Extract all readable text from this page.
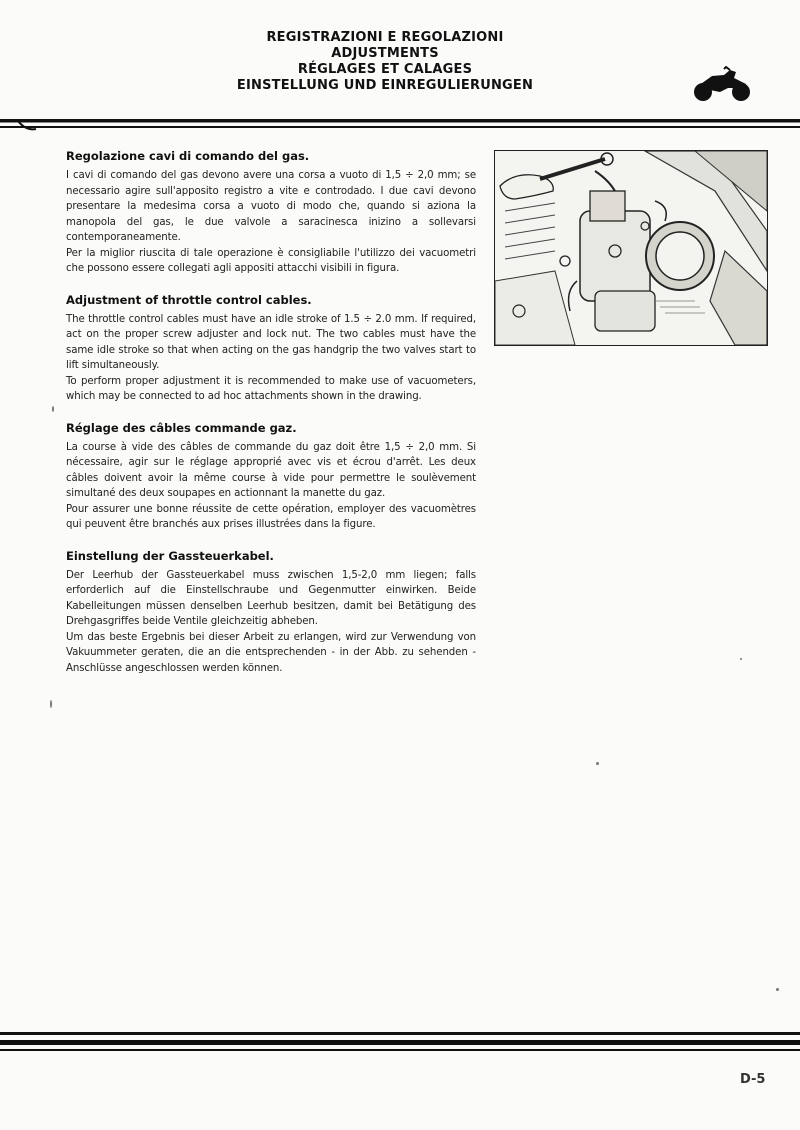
REGISTRAZIONI E REGOLAZIONI
ADJUSTMENTS
RÉGLAGES ET CALAGES
EINSTELLUNG UND EINREGULIERUNGEN
Regolazione cavi di comando del gas.

I cavi di comando del gas devono avere una corsa a vuoto di 1,5 ÷ 2,0 mm; se necessario agire sull'apposito registro a vite e controdado. I due cavi devono presentare la medesima corsa a vuoto di modo che, quando si aziona la manopola del gas, le due valvole a saracinesca inizino a sollevarsi contemporaneamente.

Per la miglior riuscita di tale operazione è consigliabile l'utilizzo dei vacuometri che possono essere collegati agli appositi attacchi visibili in figura.

Adjustment of throttle control cables.

The throttle control cables must have an idle stroke of 1.5 ÷ 2.0 mm. If required, act on the proper screw adjuster and lock nut. The two cables must have the same idle stroke so that when acting on the gas handgrip the two valves start to lift simultaneously.

To perform proper adjustment it is recommended to make use of vacuometers, which may be connected to ad hoc attachments shown in the drawing.

Réglage des câbles commande gaz.

La course à vide des câbles de commande du gaz doit être 1,5 ÷ 2,0 mm. Si nécessaire, agir sur le réglage approprié avec vis et écrou d'arrêt. Les deux câbles doivent avoir la même course à vide pour permettre le soulèvement simultané des deux soupapes en actionnant la manette du gaz.

Pour assurer une bonne réussite de cette opération, employer des vacuomètres qui peuvent être branchés aux prises illustrées dans la figure.

Einstellung der Gassteuerkabel.

Der Leerhub der Gassteuerkabel muss zwischen 1,5-2,0 mm liegen; falls erforderlich auf die Einstellschraube und Gegenmutter einwirken. Beide Kabelleitungen müssen denselben Leerhub besitzen, damit bei Betätigung des Drehgasgriffes beide Ventile gleichzeitig abheben.

Um das beste Ergebnis bei dieser Arbeit zu erlangen, wird zur Verwendung von Vakuummeter geraten, die an die entsprechenden - in der Abb. zu sehenden - Anschlüsse angeschlossen werden können.

D-5
